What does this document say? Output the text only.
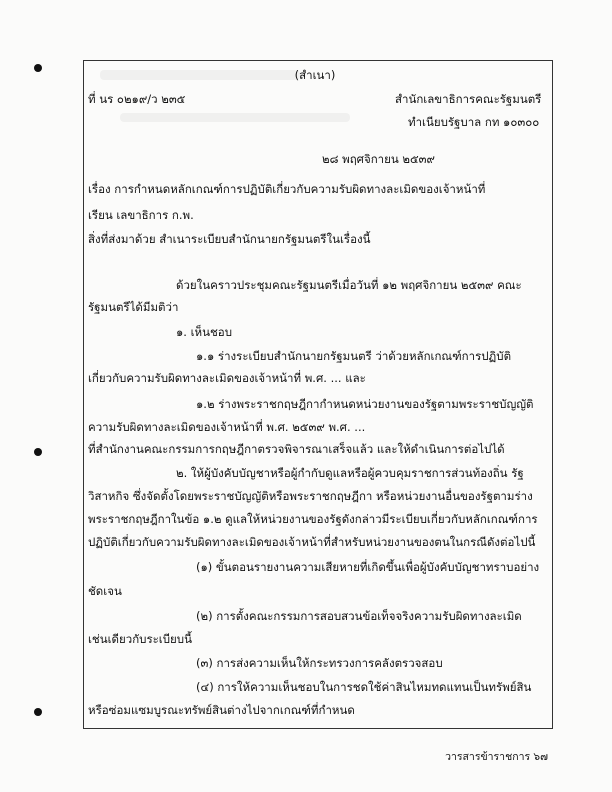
(สำเนา)
ที่ นร ๐๒๑๙/ว ๒๓๕	สำนักเลขาธิการคณะรัฐมนตรี
ทำเนียบรัฐบาล กท ๑๐๓๐๐
๒๘ พฤศจิกายน ๒๕๓๙
เรื่อง การกำหนดหลักเกณฑ์การปฏิบัติเกี่ยวกับความรับผิดทางละเมิดของเจ้าหน้าที่
เรียน เลขาธิการ ก.พ.
สิ่งที่ส่งมาด้วย สำเนาระเบียบสำนักนายกรัฐมนตรีในเรื่องนี้
ด้วยในคราวประชุมคณะรัฐมนตรีเมื่อวันที่ ๑๒ พฤศจิกายน ๒๕๓๙ คณะ
รัฐมนตรีได้มีมติว่า
๑. เห็นชอบ
๑.๑ ร่างระเบียบสำนักนายกรัฐมนตรี ว่าด้วยหลักเกณฑ์การปฏิบัติ
เกี่ยวกับความรับผิดทางละเมิดของเจ้าหน้าที่ พ.ศ. ... และ
๑.๒ ร่างพระราชกฤษฎีกากำหนดหน่วยงานของรัฐตามพระราชบัญญัติ
ความรับผิดทางละเมิดของเจ้าหน้าที่ พ.ศ. ๒๕๓๙ พ.ศ. ...
ที่สำนักงานคณะกรรมการกฤษฎีกาตรวจพิจารณาเสร็จแล้ว และให้ดำเนินการต่อไปได้
๒. ให้ผู้บังคับบัญชาหรือผู้กำกับดูแลหรือผู้ควบคุมราชการส่วนท้องถิ่น รัฐ
วิสาหกิจ ซึ่งจัดตั้งโดยพระราชบัญญัติหรือพระราชกฤษฎีกา หรือหน่วยงานอื่นของรัฐตามร่าง
พระราชกฤษฎีกาในข้อ ๑.๒ ดูแลให้หน่วยงานของรัฐดังกล่าวมีระเบียบเกี่ยวกับหลักเกณฑ์การ
ปฏิบัติเกี่ยวกับความรับผิดทางละเมิดของเจ้าหน้าที่สำหรับหน่วยงานของตนในกรณีดังต่อไปนี้
(๑) ขั้นตอนรายงานความเสียหายที่เกิดขึ้นเพื่อผู้บังคับบัญชาทราบอย่าง
ชัดเจน
(๒) การตั้งคณะกรรมการสอบสวนข้อเท็จจริงความรับผิดทางละเมิด
เช่นเดียวกับระเบียบนี้
(๓) การส่งความเห็นให้กระทรวงการคลังตรวจสอบ
(๔) การให้ความเห็นชอบในการชดใช้ค่าสินไหมทดแทนเป็นทรัพย์สิน
หรือซ่อมแซมบูรณะทรัพย์สินต่างไปจากเกณฑ์ที่กำหนด
วารสารข้าราชการ ๖๗
